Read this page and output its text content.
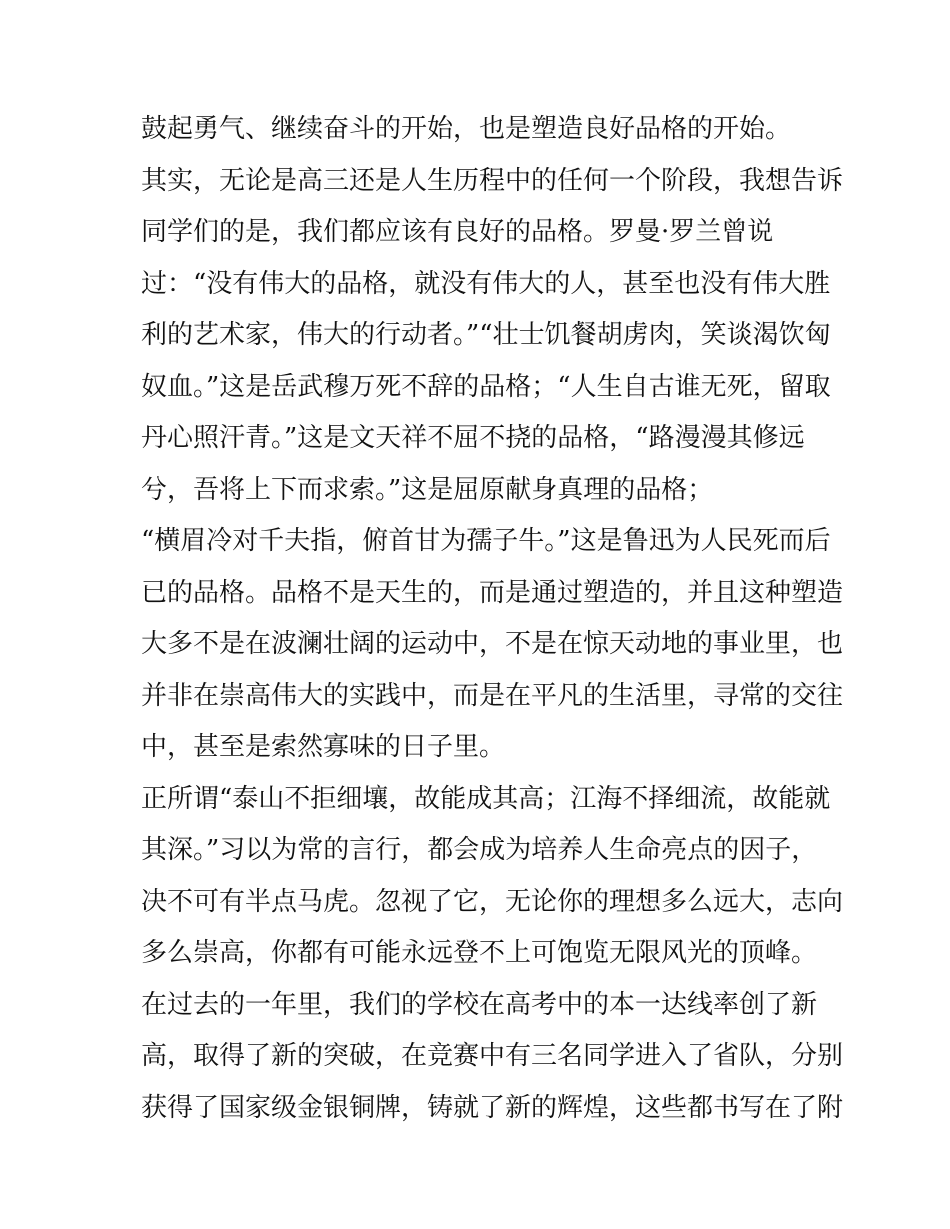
鼓起勇气、继续奋斗的开始，也是塑造良好品格的开始。
其实，无论是高三还是人生历程中的任何一个阶段，我想告诉
同学们的是，我们都应该有良好的品格。罗曼·罗兰曾说
过：“没有伟大的品格，就没有伟大的人，甚至也没有伟大胜
利的艺术家，伟大的行动者。”“壮士饥餐胡虏肉，笑谈渴饮匈
奴血。”这是岳武穆万死不辞的品格；“人生自古谁无死，留取
丹心照汗青。”这是文天祥不屈不挠的品格，“路漫漫其修远
兮，吾将上下而求索。”这是屈原献身真理的品格；
“横眉冷对千夫指，俯首甘为孺子牛。”这是鲁迅为人民死而后
已的品格。品格不是天生的，而是通过塑造的，并且这种塑造
大多不是在波澜壮阔的运动中，不是在惊天动地的事业里，也
并非在崇高伟大的实践中，而是在平凡的生活里，寻常的交往
中，甚至是索然寡味的日子里。
正所谓“泰山不拒细壤，故能成其高；江海不择细流，故能就
其深。”习以为常的言行，都会成为培养人生命亮点的因子，
决不可有半点马虎。忽视了它，无论你的理想多么远大，志向
多么崇高，你都有可能永远登不上可饱览无限风光的顶峰。
在过去的一年里，我们的学校在高考中的本一达线率创了新
高，取得了新的突破，在竞赛中有三名同学进入了省队，分别
获得了国家级金银铜牌，铸就了新的辉煌，这些都书写在了附
